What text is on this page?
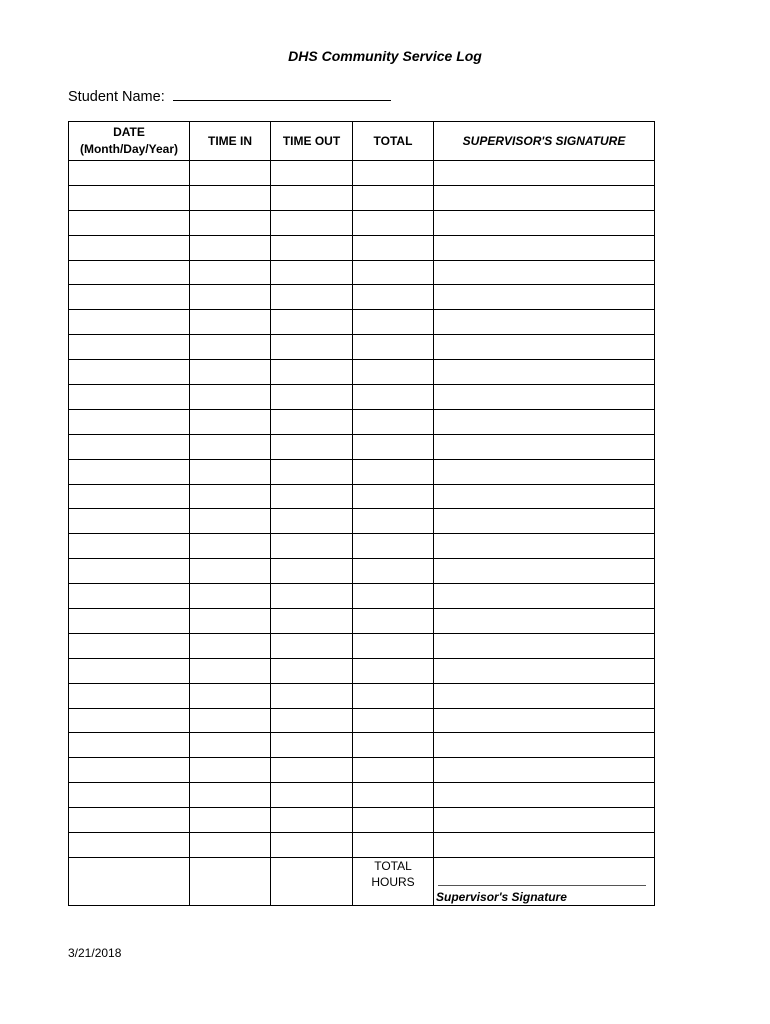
DHS Community Service Log
Student Name:
DATE
(Month/Day/Year)	TIME IN	TIME OUT	TOTAL	SUPERVISOR'S SIGNATURE

			TOTAL
HOURS	Supervisor's Signature
3/21/2018
